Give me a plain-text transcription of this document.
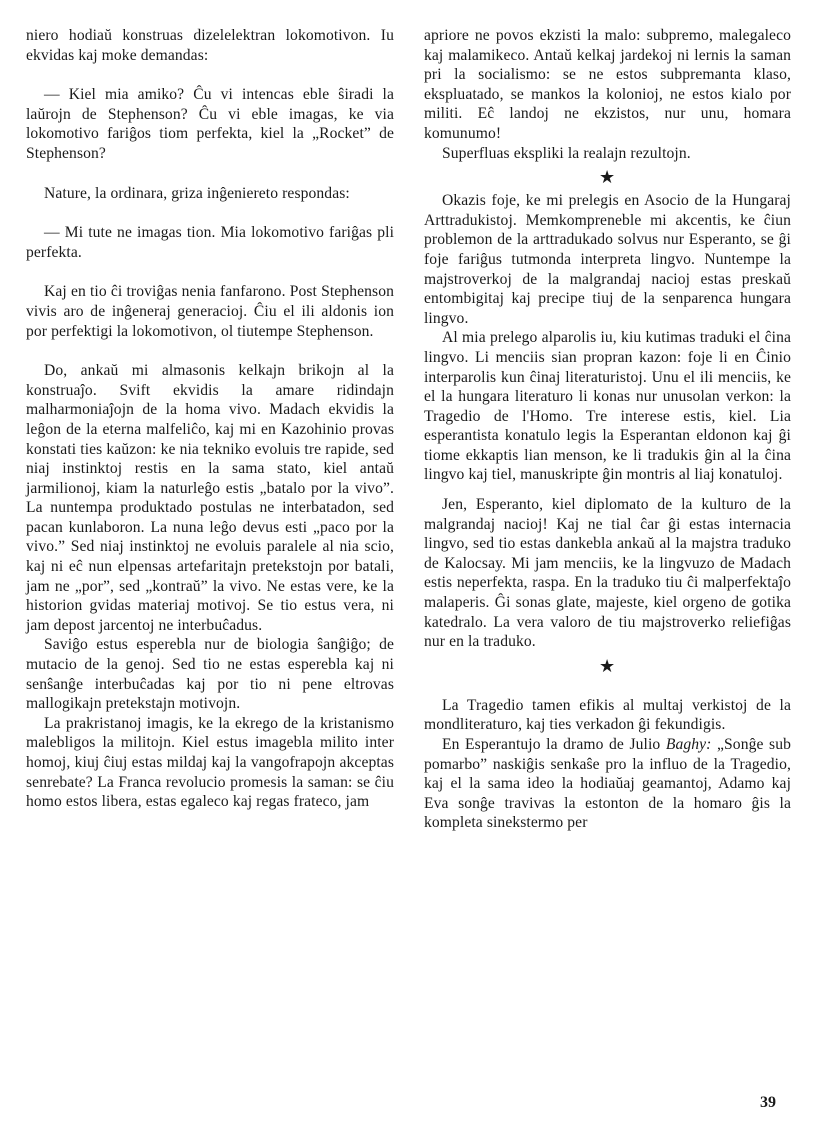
niero hodiaŭ konstruas dizelelektran lokomotivon. Iu ekvidas kaj moke demandas:

— Kiel mia amiko? Ĉu vi intencas eble ŝiradi la laŭrojn de Stephenson? Ĉu vi eble imagas, ke via lokomotivo fariĝos tiom perfekta, kiel la „Rocket” de Stephenson?

Nature, la ordinara, griza inĝeniereto respondas:

— Mi tute ne imagas tion. Mia lokomotivo fariĝas pli perfekta.

Kaj en tio ĉi troviĝas nenia fanfarono. Post Stephenson vivis aro de inĝeneraj generacioj. Ĉiu el ili aldonis ion por perfektigi la lokomotivon, ol tiutempe Stephenson.

Do, ankaŭ mi almasonis kelkajn brikojn al la konstruaĵo. Svift ekvidis la amare ridindajn malharmoniaĵojn de la homa vivo. Madach ekvidis la leĝon de la eterna malfeliĉo, kaj mi en Kazohinio provas konstati ties kaŭzon: ke nia tekniko evoluis tre rapide, sed niaj instinktoj restis en la sama stato, kiel antaŭ jarmilionoj, kiam la naturleĝo estis „batalo por la vivo”. La nuntempa produktado postulas ne interbatadon, sed pacan kunlaboron. La nuna leĝo devus esti „paco por la vivo.” Sed niaj instinktoj ne evoluis paralele al nia scio, kaj ni eĉ nun elpensas artefaritajn pretekstojn por batali, jam ne „por”, sed „kontraŭ” la vivo. Ne estas vere, ke la historion gvidas materiaj motivoj. Se tio estus vera, ni jam depost jarcentoj ne interbuĉadus.

Saviĝo estus esperebla nur de biologia ŝanĝiĝo; de mutacio de la genoj. Sed tio ne estas esperebla kaj ni senŝanĝe interbuĉadas kaj por tio ni pene eltrovas mallogikajn pretekstajn motivojn.

La prakristanoj imagis, ke la ekrego de la kristanismo malebligos la militojn. Kiel estus imagebla milito inter homoj, kiuj ĉiuj estas mildaj kaj la vangofrapojn akceptas senrebate? La Franca revolucio promesis la saman: se ĉiu homo estos libera, estas egaleco kaj regas frateco, jam

apriore ne povos ekzisti la malo: subpremo, malegaleco kaj malamikeco. Antaŭ kelkaj jardekoj ni lernis la saman pri la socialismo: se ne estos subpremanta klaso, ekspluatado, se mankos la kolonioj, ne estos kialo por militi. Eĉ landoj ne ekzistos, nur unu, homara komunumo!

Superfluas ekspliki la realajn rezultojn.

★

Okazis foje, ke mi prelegis en Asocio de la Hungaraj Arttradukistoj. Memkompreneble mi akcentis, ke ĉiun problemon de la arttradukado solvus nur Esperanto, se ĝi foje fariĝus tutmonda interpreta lingvo. Nuntempe la majstroverkoj de la malgrandaj nacioj estas preskaŭ entombigitaj kaj precipe tiuj de la senparenca hungara lingvo.

Al mia prelego alparolis iu, kiu kutimas traduki el ĉina lingvo. Li menciis sian propran kazon: foje li en Ĉinio interparolis kun ĉinaj literaturistoj. Unu el ili menciis, ke el la hungara literaturo li konas nur unusolan verkon: la Tragedio de l'Homo. Tre interese estis, kiel. Lia esperantista konatulo legis la Esperantan eldonon kaj ĝi tiome ekkaptis lian menson, ke li tradukis ĝin al la ĉina lingvo kaj tiel, manuskripte ĝin montris al liaj konatuloj.

Jen, Esperanto, kiel diplomato de la kulturo de la malgrandaj nacioj! Kaj ne tial ĉar ĝi estas internacia lingvo, sed tio estas dankebla ankaŭ al la majstra traduko de Kalocsay. Mi jam menciis, ke la lingvuzo de Madach estis neperfekta, raspa. En la traduko tiu ĉi malperfektaĵo malaperis. Ĝi sonas glate, majeste, kiel orgeno de gotika katedralo. La vera valoro de tiu majstroverko reliefiĝas nur en la traduko.

★

La Tragedio tamen efikis al multaj verkistoj de la mondliteraturo, kaj ties verkadon ĝi fekundigis.

En Esperantujo la dramo de Julio Baghy: „Sonĝe sub pomarbo” naskiĝis senkaŝe pro la influo de la Tragedio, kaj el la sama ideo la hodiaŭaj geamantoj, Adamo kaj Eva sonĝe travivas la estonton de la homaro ĝis la kompleta sinekstermo per

39
